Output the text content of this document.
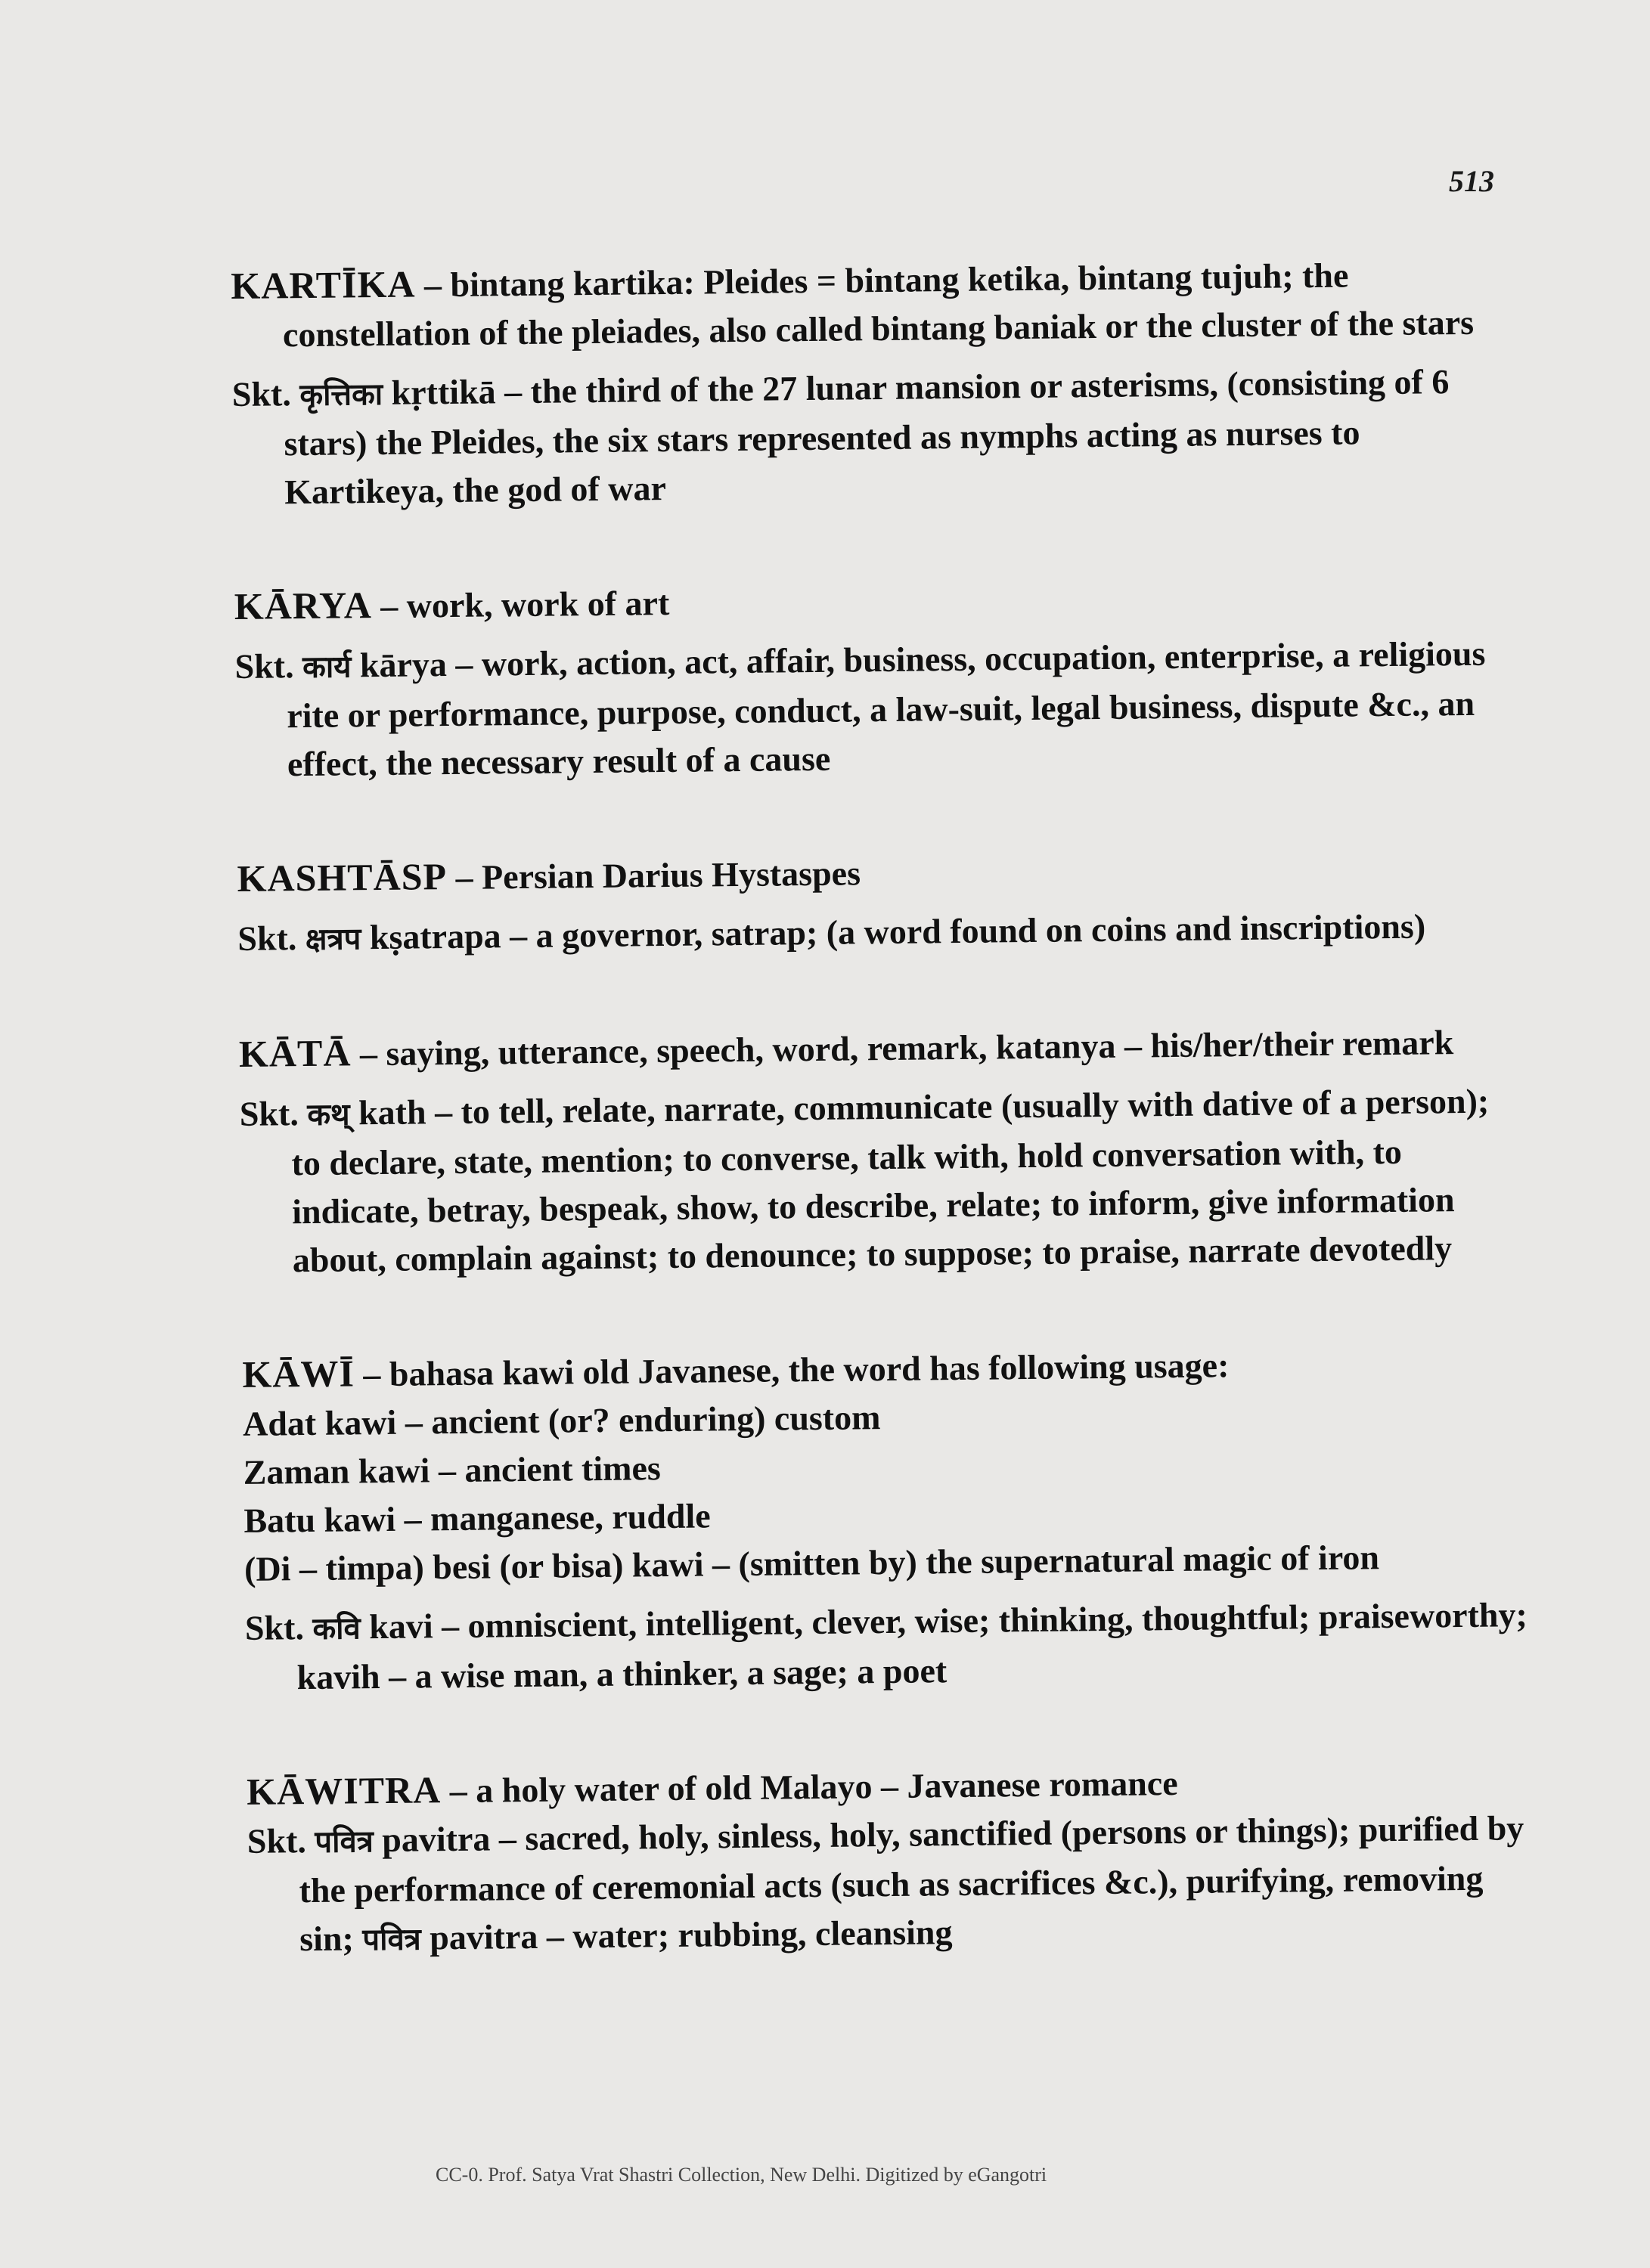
513

KARTĪKA – bintang kartika: Pleides = bintang ketika, bintang tujuh; the constellation of the pleiades, also called bintang baniak or the cluster of the stars

Skt. कृत्तिका kṛttikā – the third of the 27 lunar mansion or asterisms, (consisting of 6 stars) the Pleides, the six stars represented as nymphs acting as nurses to Kartikeya, the god of war

KĀRYA – work, work of art

Skt. कार्य kārya – work, action, act, affair, business, occupation, enterprise, a religious rite or performance, purpose, conduct, a law-suit, legal business, dispute &c., an effect, the necessary result of a cause

KASHTĀSP – Persian Darius Hystaspes

Skt. क्षत्रप kṣatrapa – a governor, satrap; (a word found on coins and inscriptions)

KĀTĀ – saying, utterance, speech, word, remark, katanya – his/her/their remark

Skt. कथ् kath – to tell, relate, narrate, communicate (usually with dative of a person); to declare, state, mention; to converse, talk with, hold conversation with, to indicate, betray, bespeak, show, to describe, relate; to inform, give information about, complain against; to denounce; to suppose; to praise, narrate devotedly

KĀWĪ – bahasa kawi old Javanese, the word has following usage:

Adat kawi – ancient (or? enduring) custom

Zaman kawi – ancient times

Batu kawi – manganese, ruddle

(Di – timpa) besi (or bisa) kawi – (smitten by) the supernatural magic of iron

Skt. कवि kavi – omniscient, intelligent, clever, wise; thinking, thoughtful; praiseworthy; kavih – a wise man, a thinker, a sage; a poet

KĀWITRA – a holy water of old Malayo – Javanese romance

Skt. पवित्र pavitra – sacred, holy, sinless, holy, sanctified (persons or things); purified by the performance of ceremonial acts (such as sacrifices &c.), purifying, removing sin; पवित्र pavitra – water; rubbing, cleansing

CC-0. Prof. Satya Vrat Shastri Collection, New Delhi. Digitized by eGangotri
